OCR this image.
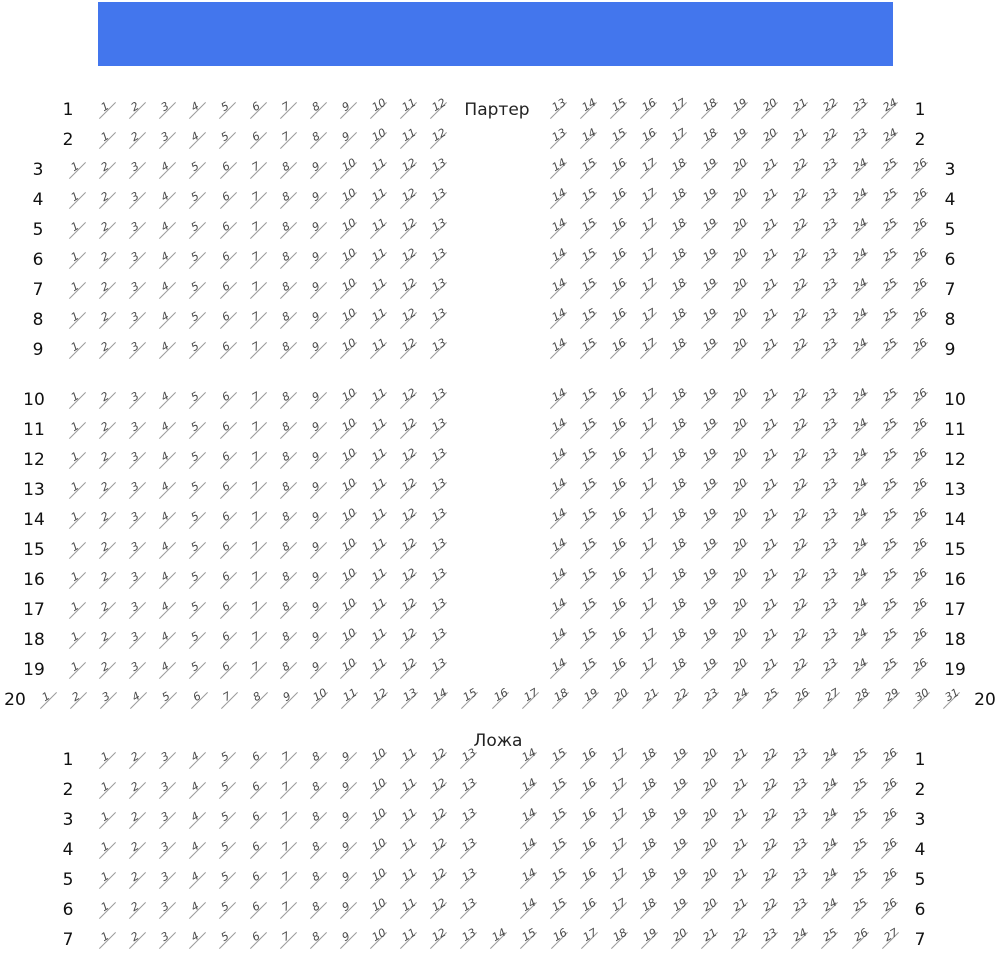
Партер
Ложа
1	1
1 2 3 4 5 6 7 8 9 10 11 12	13 14 15 16 17 18 19 20 21 22 23 24
2	2
1 2 3 4 5 6 7 8 9 10 11 12	13 14 15 16 17 18 19 20 21 22 23 24
3	3
1 2 3 4 5 6 7 8 9 10 11 12 13	14 15 16 17 18 19 20 21 22 23 24 25 26
4	4
1 2 3 4 5 6 7 8 9 10 11 12 13	14 15 16 17 18 19 20 21 22 23 24 25 26
5	5
1 2 3 4 5 6 7 8 9 10 11 12 13	14 15 16 17 18 19 20 21 22 23 24 25 26
6	6
1 2 3 4 5 6 7 8 9 10 11 12 13	14 15 16 17 18 19 20 21 22 23 24 25 26
7	7
1 2 3 4 5 6 7 8 9 10 11 12 13	14 15 16 17 18 19 20 21 22 23 24 25 26
8	8
1 2 3 4 5 6 7 8 9 10 11 12 13	14 15 16 17 18 19 20 21 22 23 24 25 26
9	9
1 2 3 4 5 6 7 8 9 10 11 12 13	14 15 16 17 18 19 20 21 22 23 24 25 26
10	10
1 2 3 4 5 6 7 8 9 10 11 12 13	14 15 16 17 18 19 20 21 22 23 24 25 26
11	11
1 2 3 4 5 6 7 8 9 10 11 12 13	14 15 16 17 18 19 20 21 22 23 24 25 26
12	12
1 2 3 4 5 6 7 8 9 10 11 12 13	14 15 16 17 18 19 20 21 22 23 24 25 26
13	13
1 2 3 4 5 6 7 8 9 10 11 12 13	14 15 16 17 18 19 20 21 22 23 24 25 26
14	14
1 2 3 4 5 6 7 8 9 10 11 12 13	14 15 16 17 18 19 20 21 22 23 24 25 26
15	15
1 2 3 4 5 6 7 8 9 10 11 12 13	14 15 16 17 18 19 20 21 22 23 24 25 26
16	16
1 2 3 4 5 6 7 8 9 10 11 12 13	14 15 16 17 18 19 20 21 22 23 24 25 26
17	17
1 2 3 4 5 6 7 8 9 10 11 12 13	14 15 16 17 18 19 20 21 22 23 24 25 26
18	18
1 2 3 4 5 6 7 8 9 10 11 12 13	14 15 16 17 18 19 20 21 22 23 24 25 26
19	19
1 2 3 4 5 6 7 8 9 10 11 12 13	14 15 16 17 18 19 20 21 22 23 24 25 26
20	20
1 2 3 4 5 6 7 8 9 10 11 12 13 14 15 16 17 18 19 20 21 22 23 24 25 26 27 28 29 30 31
1	1
1 2 3 4 5 6 7 8 9 10 11 12 13	14 15 16 17 18 19 20 21 22 23 24 25 26
2	2
1 2 3 4 5 6 7 8 9 10 11 12 13	14 15 16 17 18 19 20 21 22 23 24 25 26
3	3
1 2 3 4 5 6 7 8 9 10 11 12 13	14 15 16 17 18 19 20 21 22 23 24 25 26
4	4
1 2 3 4 5 6 7 8 9 10 11 12 13	14 15 16 17 18 19 20 21 22 23 24 25 26
5	5
1 2 3 4 5 6 7 8 9 10 11 12 13	14 15 16 17 18 19 20 21 22 23 24 25 26
6	6
1 2 3 4 5 6 7 8 9 10 11 12 13	14 15 16 17 18 19 20 21 22 23 24 25 26
7	7
1 2 3 4 5 6 7 8 9 10 11 12 13 14 15 16 17 18 19 20 21 22 23 24 25 26 27
